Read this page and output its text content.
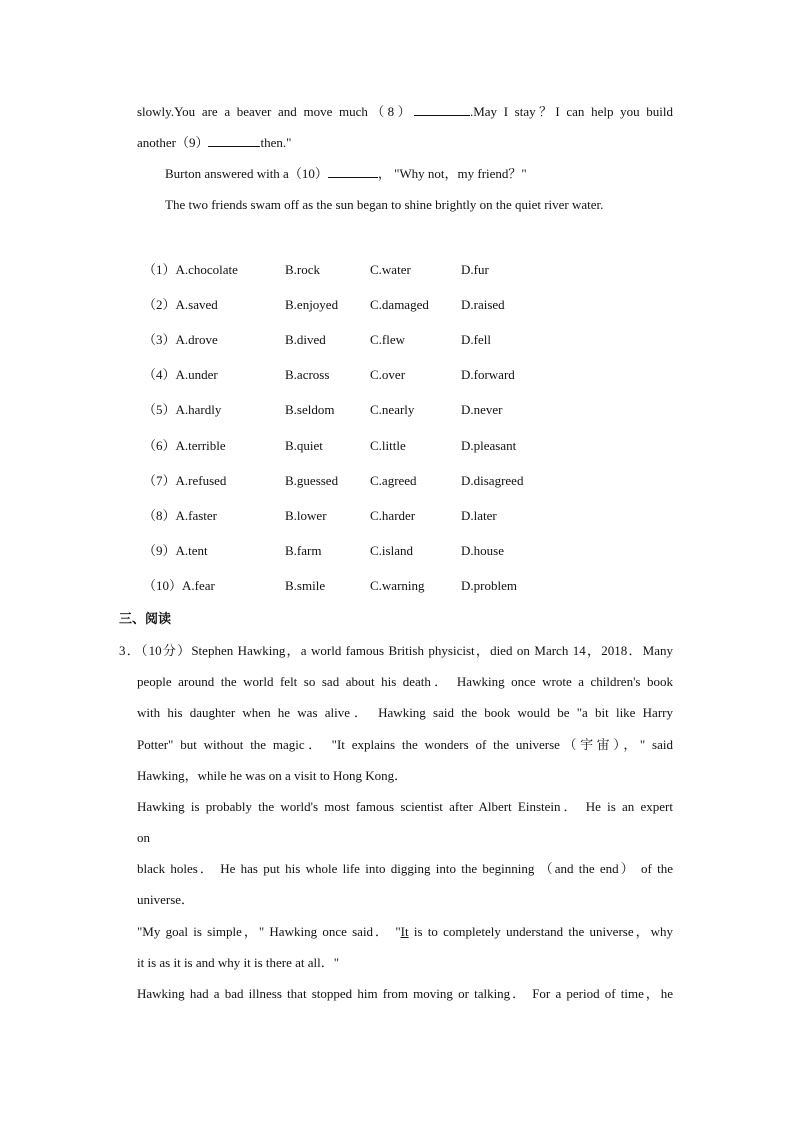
slowly.You are a beaver and move much（8）	.May I stay？I can help you build
another（9）	then."
Burton answered with a（10）	， "Why not，my friend？"
The two friends swam off as the sun began to shine brightly on the quiet river water.
（1）A.chocolate	B.rock	C.water	D.fur
（2）A.saved	B.enjoyed C.damaged D.raised
（3）A.drove	B.dived	C.flew	D.fell
（4）A.under	B.across	C.over	D.forward
（5）A.hardly	B.seldom	C.nearly	D.never
（6）A.terrible	B.quiet	C.little	D.pleasant
（7）A.refused	B.guessed C.agreed	D.disagreed
（8）A.faster	B.lower	C.harder	D.later
（9）A.tent	B.farm	C.island	D.house
（10）A.fear	B.smile	C.warning	D.problem
三、阅读
3．（10分）Stephen Hawking，a world famous British physicist，died on March 14，2018．Many
people around the world felt so sad about his death． Hawking once wrote a children's book
with his daughter when he was alive． Hawking said the book would be "a bit like Harry
Potter" but without the magic． "It explains the wonders of the universe（宇宙），" said
Hawking，while he was on a visit to Hong Kong．
Hawking is probably the world's most famous scientist after Albert Einstein． He is an expert
on
black holes． He has put his whole life into digging into the beginning （and the end） of the
universe．
"My goal is simple，" Hawking once said． "It is to completely understand the universe，why
it is as it is and why it is there at all．"
Hawking had a bad illness that stopped him from moving or talking． For a period of time，he
